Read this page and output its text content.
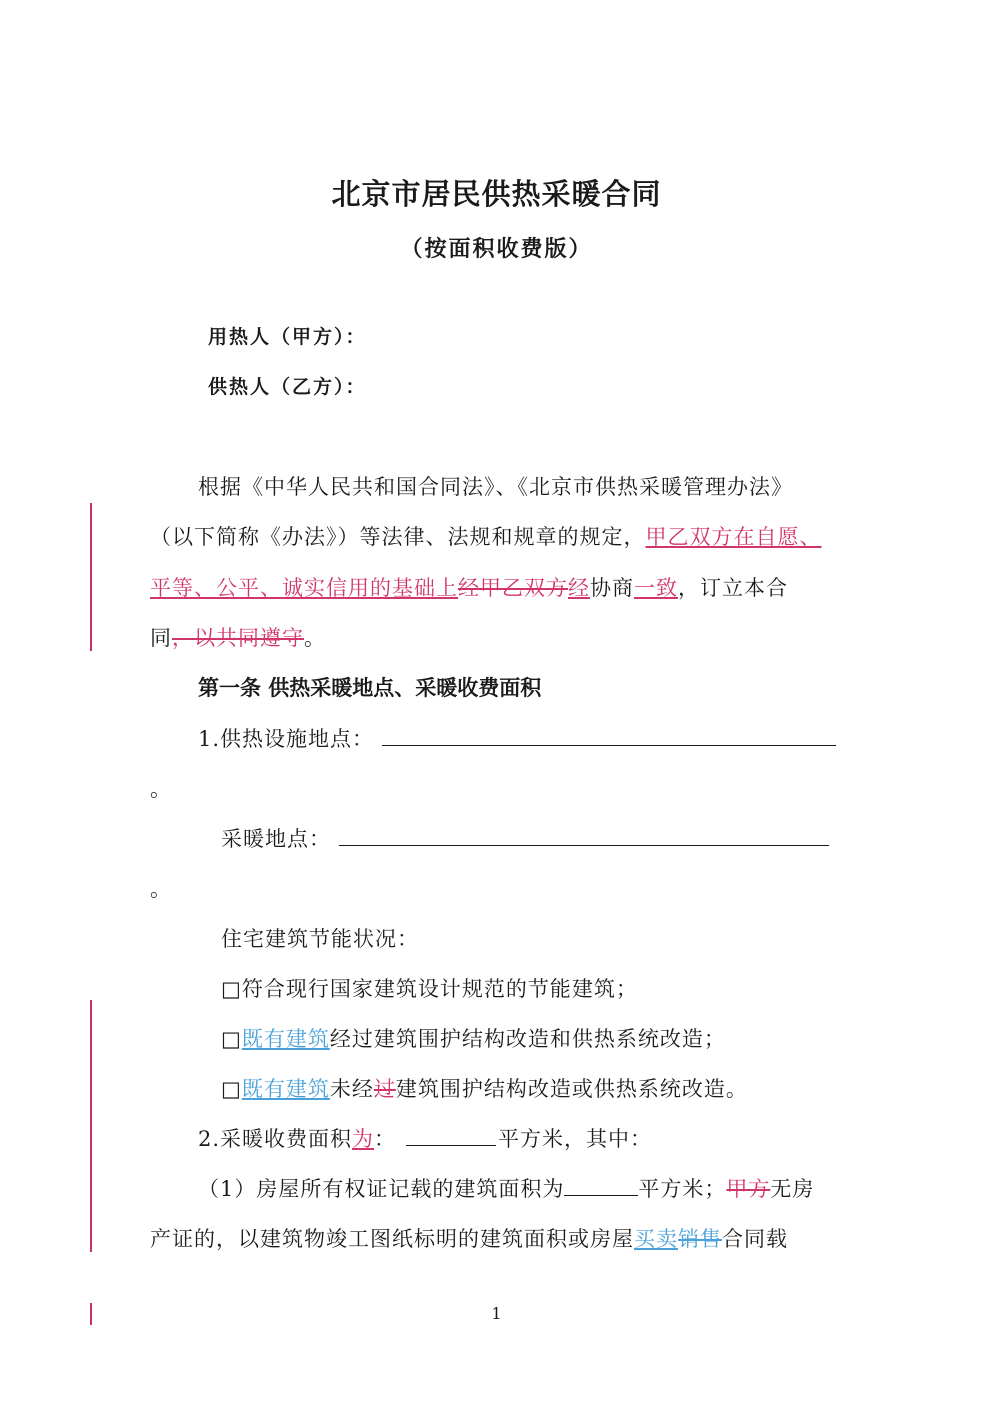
北京市居民供热采暖合同
（按面积收费版）
用热人（甲方）：
供热人（乙方）：
根据《中华人民共和国合同法》、《北京市供热采暖管理办法》
（以下简称《办法》）等法律、法规和规章的规定，甲乙双方在自愿、
平等、公平、诚实信用的基础上经甲乙双方经协商一致，订立本合
同，以共同遵守。
第一条 供热采暖地点、采暖收费面积
1.供热设施地点：
。
采暖地点：
。
住宅建筑节能状况：
□符合现行国家建筑设计规范的节能建筑；
□既有建筑经过建筑围护结构改造和供热系统改造；
□既有建筑未经过建筑围护结构改造或供热系统改造。
2.采暖收费面积为：	平方米，其中：
（1）房屋所有权证记载的建筑面积为	平方米；甲方无房
产证的，以建筑物竣工图纸标明的建筑面积或房屋买卖销售合同载
1
